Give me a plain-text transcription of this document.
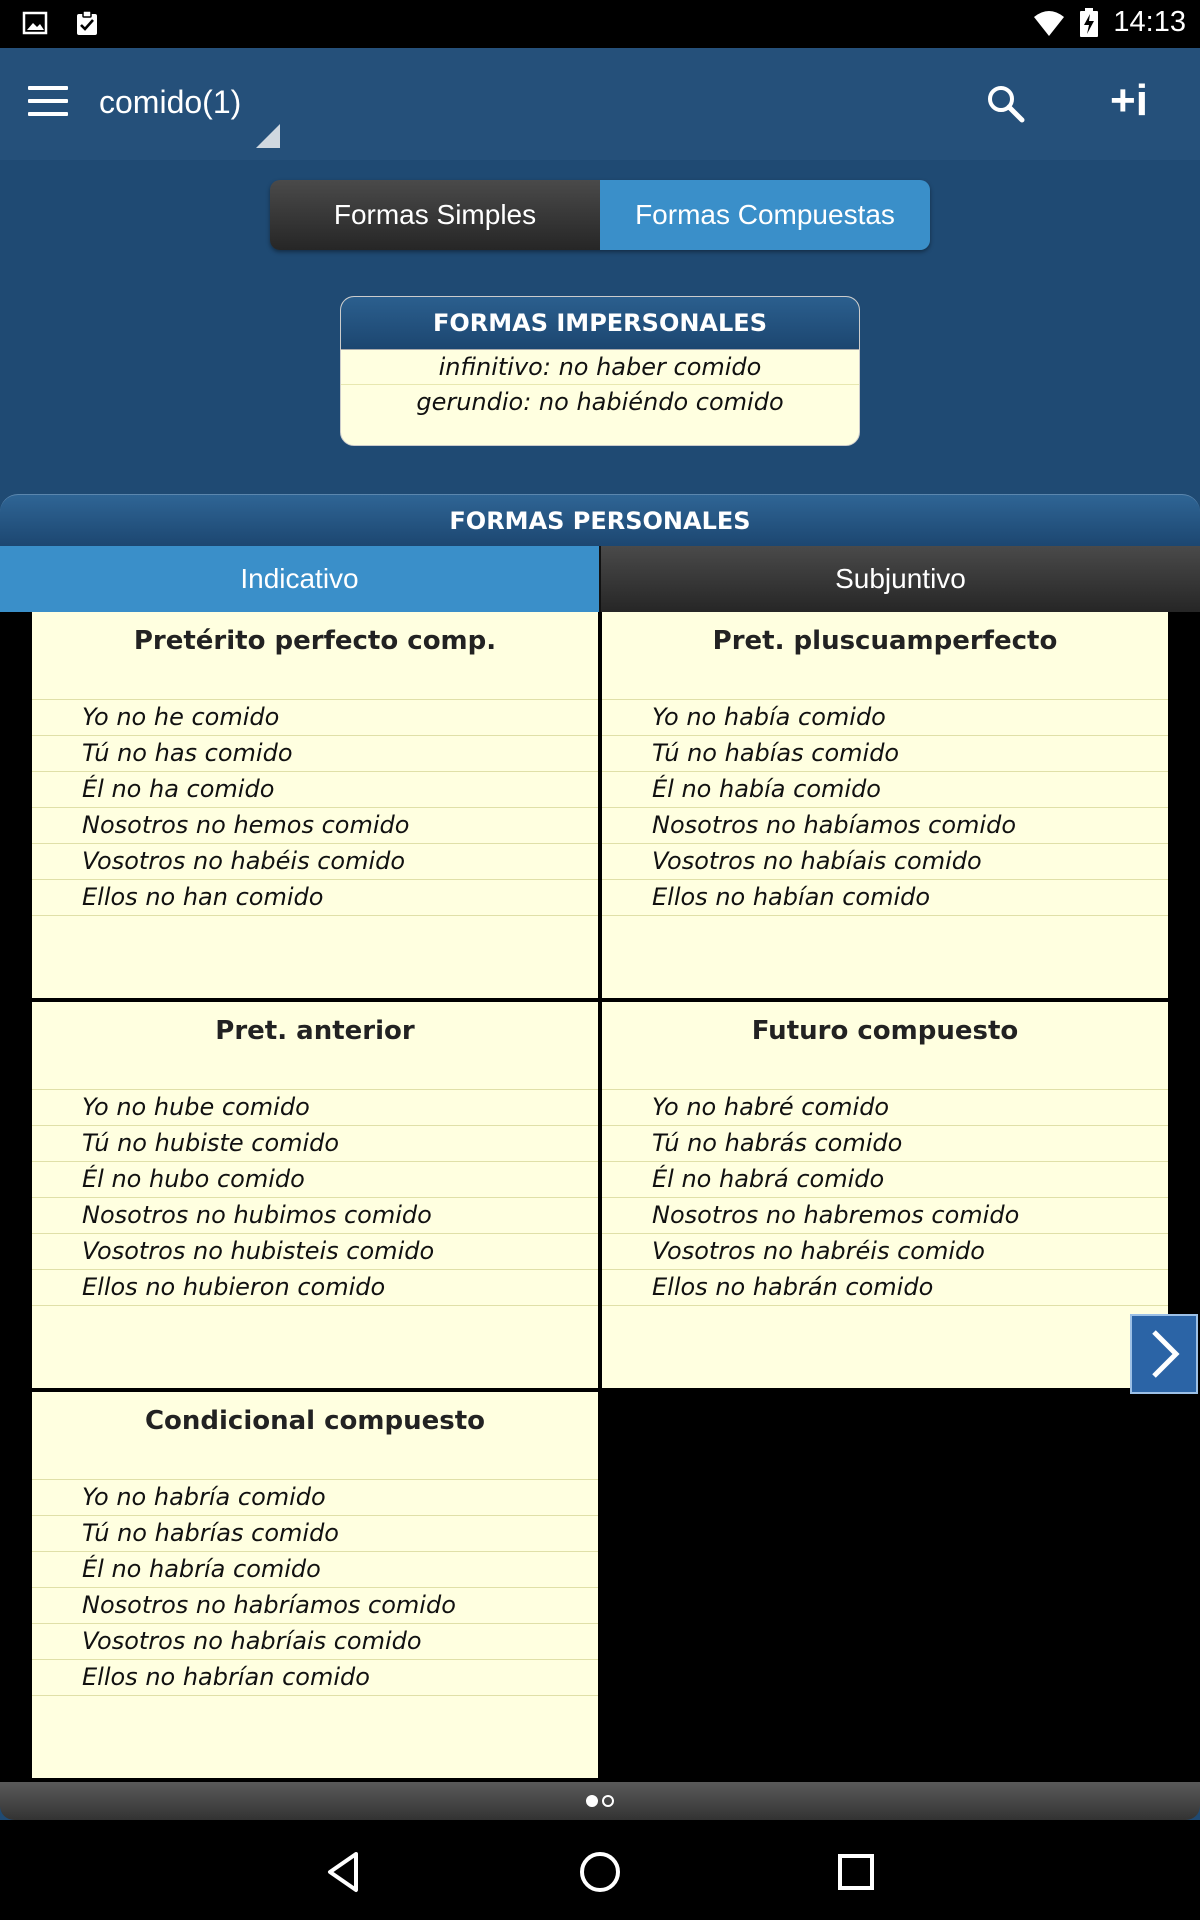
14:13
comido(1)	+i
Formas Simples	Formas Compuestas
FORMAS IMPERSONALES
infinitivo: no haber comido
gerundio: no habiéndo comido
FORMAS PERSONALES
Indicativo	Subjuntivo
Pretérito perfecto comp.
Yo no he comido
Tú no has comido
Él no ha comido
Nosotros no hemos comido
Vosotros no habéis comido
Ellos no han comido
Pret. pluscuamperfecto
Yo no había comido
Tú no habías comido
Él no había comido
Nosotros no habíamos comido
Vosotros no habíais comido
Ellos no habían comido
Pret. anterior
Yo no hube comido
Tú no hubiste comido
Él no hubo comido
Nosotros no hubimos comido
Vosotros no hubisteis comido
Ellos no hubieron comido
Futuro compuesto
Yo no habré comido
Tú no habrás comido
Él no habrá comido
Nosotros no habremos comido
Vosotros no habréis comido
Ellos no habrán comido
Condicional compuesto
Yo no habría comido
Tú no habrías comido
Él no habría comido
Nosotros no habríamos comido
Vosotros no habríais comido
Ellos no habrían comido
